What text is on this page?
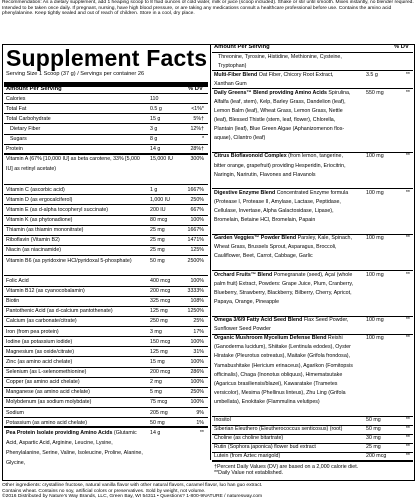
Recommendation: As a dietary supplement, add 1 heaping scoop to 8 fluid ounces of cold water, milk or juice (scoop included). Shake or stir until smooth. Mixes instantly, no blender required. Intended to be taken once daily. If pregnant, nursing, have high blood pressure, or are taking any medications consult a healthcare professional before use. Contains the amino acid phenylalanine. Keep tightly sealed and out of reach of children. Store in a cool, dry place.
Supplement Facts
Serving Size 1 Scoop (37 g) / Servings per container 26
Amount Per Serving	% DV
Amount Per Serving	% DV
†Percent Daily Values (DV) are based on a 2,000 calorie diet.
**Daily Value not established.
Other ingredients: crystalline fructose, natural vanilla flavor with other natural flavors, caramel flavor, luo han guo extract.
Contains wheat. Contains no soy, artificial colors or preservatives. Sold by weight, not volume.
©2016 Distributed by Nature's Way Brands, LLC, Green Bay, WI 54311 • Questions? 1-800-9NATURE / naturesway.com
Calories	110
Total Fat	0.5 g	<1%*
Total Carbohydrate	15 g	5%†
Dietary Fiber	3 g	12%†
Sugars	8 g	*
Protein	14 g	28%†
Vitamin A (67% [10,000 IU] as beta carotene, 33% [5,000 IU] as retinyl acetate)
15,000 IU	300%
Vitamin C (ascorbic acid)	1 g	1667%
Vitamin D (as ergocalciferol)	1,000 IU	250%
Vitamin E (as d-alpha tocopheryl succinate)	200 IU	667%
Vitamin K (as phytonadione)	80 mcg	100%
Thiamin (as thiamin mononitrate)	25 mg	1667%
Riboflavin (Vitamin B2)	25 mg	1471%
Niacin (as niacinamide)	25 mg	125%
Vitamin B6 (as pyridoxine HCl/pyridoxal 5-phosphate)	50 mg	2500%
Folic Acid	400 mcg	100%
Vitamin B12 (as cyanocobalamin)	200 mcg	3333%
Biotin	325 mcg	108%
Pantothenic Acid (as d-calcium pantothenate)	125 mg	1250%
Calcium (as carbonate/citrate)	250 mg	25%
Iron (from pea protein)	3 mg	17%
Iodine (as potassium iodide)	150 mcg	100%
Magnesium (as oxide/citrate)	125 mg	31%
Zinc (as amino acid chelate)	15 mg	100%
Selenium (as L-selenomethionine)	200 mcg	286%
Copper (as amino acid chelate)	2 mg	100%
Manganese (as amino acid chelate)	5 mg	250%
Molybdenum (as sodium molybdate)	75 mcg	100%
Sodium	205 mg	9%
Potassium (as amino acid chelate)	50 mg	1%
Pea Protein Isolate providing Amino Acids (Glutamic Acid, Aspartic Acid, Arginine, Leucine, Lysine, Phenylalanine, Serine, Valine, Isoleucine, Proline, Alanine, Glycine,
14 g	**
Threonine, Tyrosine, Histidine, Methionine, Cysteine, Tryptophan)
Multi-Fiber Blend Oat Fiber, Chicory Root Extract, Xanthan Gum
3.5 g	**
Daily Greens™ Blend providing Amino Acids Spirulina, Alfalfa (leaf, stem), Kelp, Barley Grass, Dandelion (leaf), Lemon Balm (leaf), Wheat Grass, Lemon Grass, Nettle (leaf), Blessed Thistle (stem, leaf, flower), Chlorella, Plantain (leaf), Blue Green Algae (Aphanizomenon flos-aquae), Cilantro (leaf)
550 mg	**
Citrus Bioflavonoid Complex (from lemon, tangerine, bitter orange, grapefruit) providing Hesperidin, Eriocitrin, Naringin, Narirutin, Flavones and Flavanols
100 mg	**
Digestive Enzyme Blend Concentrated Enzyme formula (Protease I, Protease II, Amylase, Lactase, Peptidase, Cellulase, Invertase, Alpha Galactosidase, Lipase), Bromelain, Betaine HCl, Bromelain, Papain
100 mg	**
Garden Veggies™ Powder Blend Parsley, Kale, Spinach, Wheat Grass, Brussels Sprout, Asparagus, Broccoli, Cauliflower, Beet, Carrot, Cabbage, Garlic
100 mg	**
Orchard Fruits™ Blend Pomegranate (seed), Açaí (whole palm fruit) Extract, Powders: Grape Juice, Plum, Cranberry, Blueberry, Strawberry, Blackberry, Bilberry, Cherry, Apricot, Papaya, Orange, Pineapple
100 mg	**
Omega 3/6/9 Fatty Acid Seed Blend Flax Seed Powder, Sunflower Seed Powder
100 mg	**
Organic Mushroom Mycelium Defense Blend Reishi (Ganoderma lucidum), Shiitake (Lentinula edodes), Oyster Hiratake (Pleurotus ostreatus), Maitake (Grifola frondosa), Yamabushitake (Hericium erinaceus), Agarikon (Fomitopsis officinalis), Chaga (Inonotus obliquus), Himematsutake (Agaricus brasiliensis/blazei), Kawaratake (Trametes versicolor), Mesima (Phellinus linteus), Zhu Ling (Grifola umbellata), Enokitake (Flammulina velutipes)
100 mg	**
Inositol	50 mg	**
Siberian Eleuthero (Eleutherococcus senticosus) (root)	50 mg	**
Choline (as choline bitartrate)	30 mg	**
Rutin (Sophora japonica) flower bud extract	25 mg	**
Lutein (from Aztec marigold)	200 mcg	**
